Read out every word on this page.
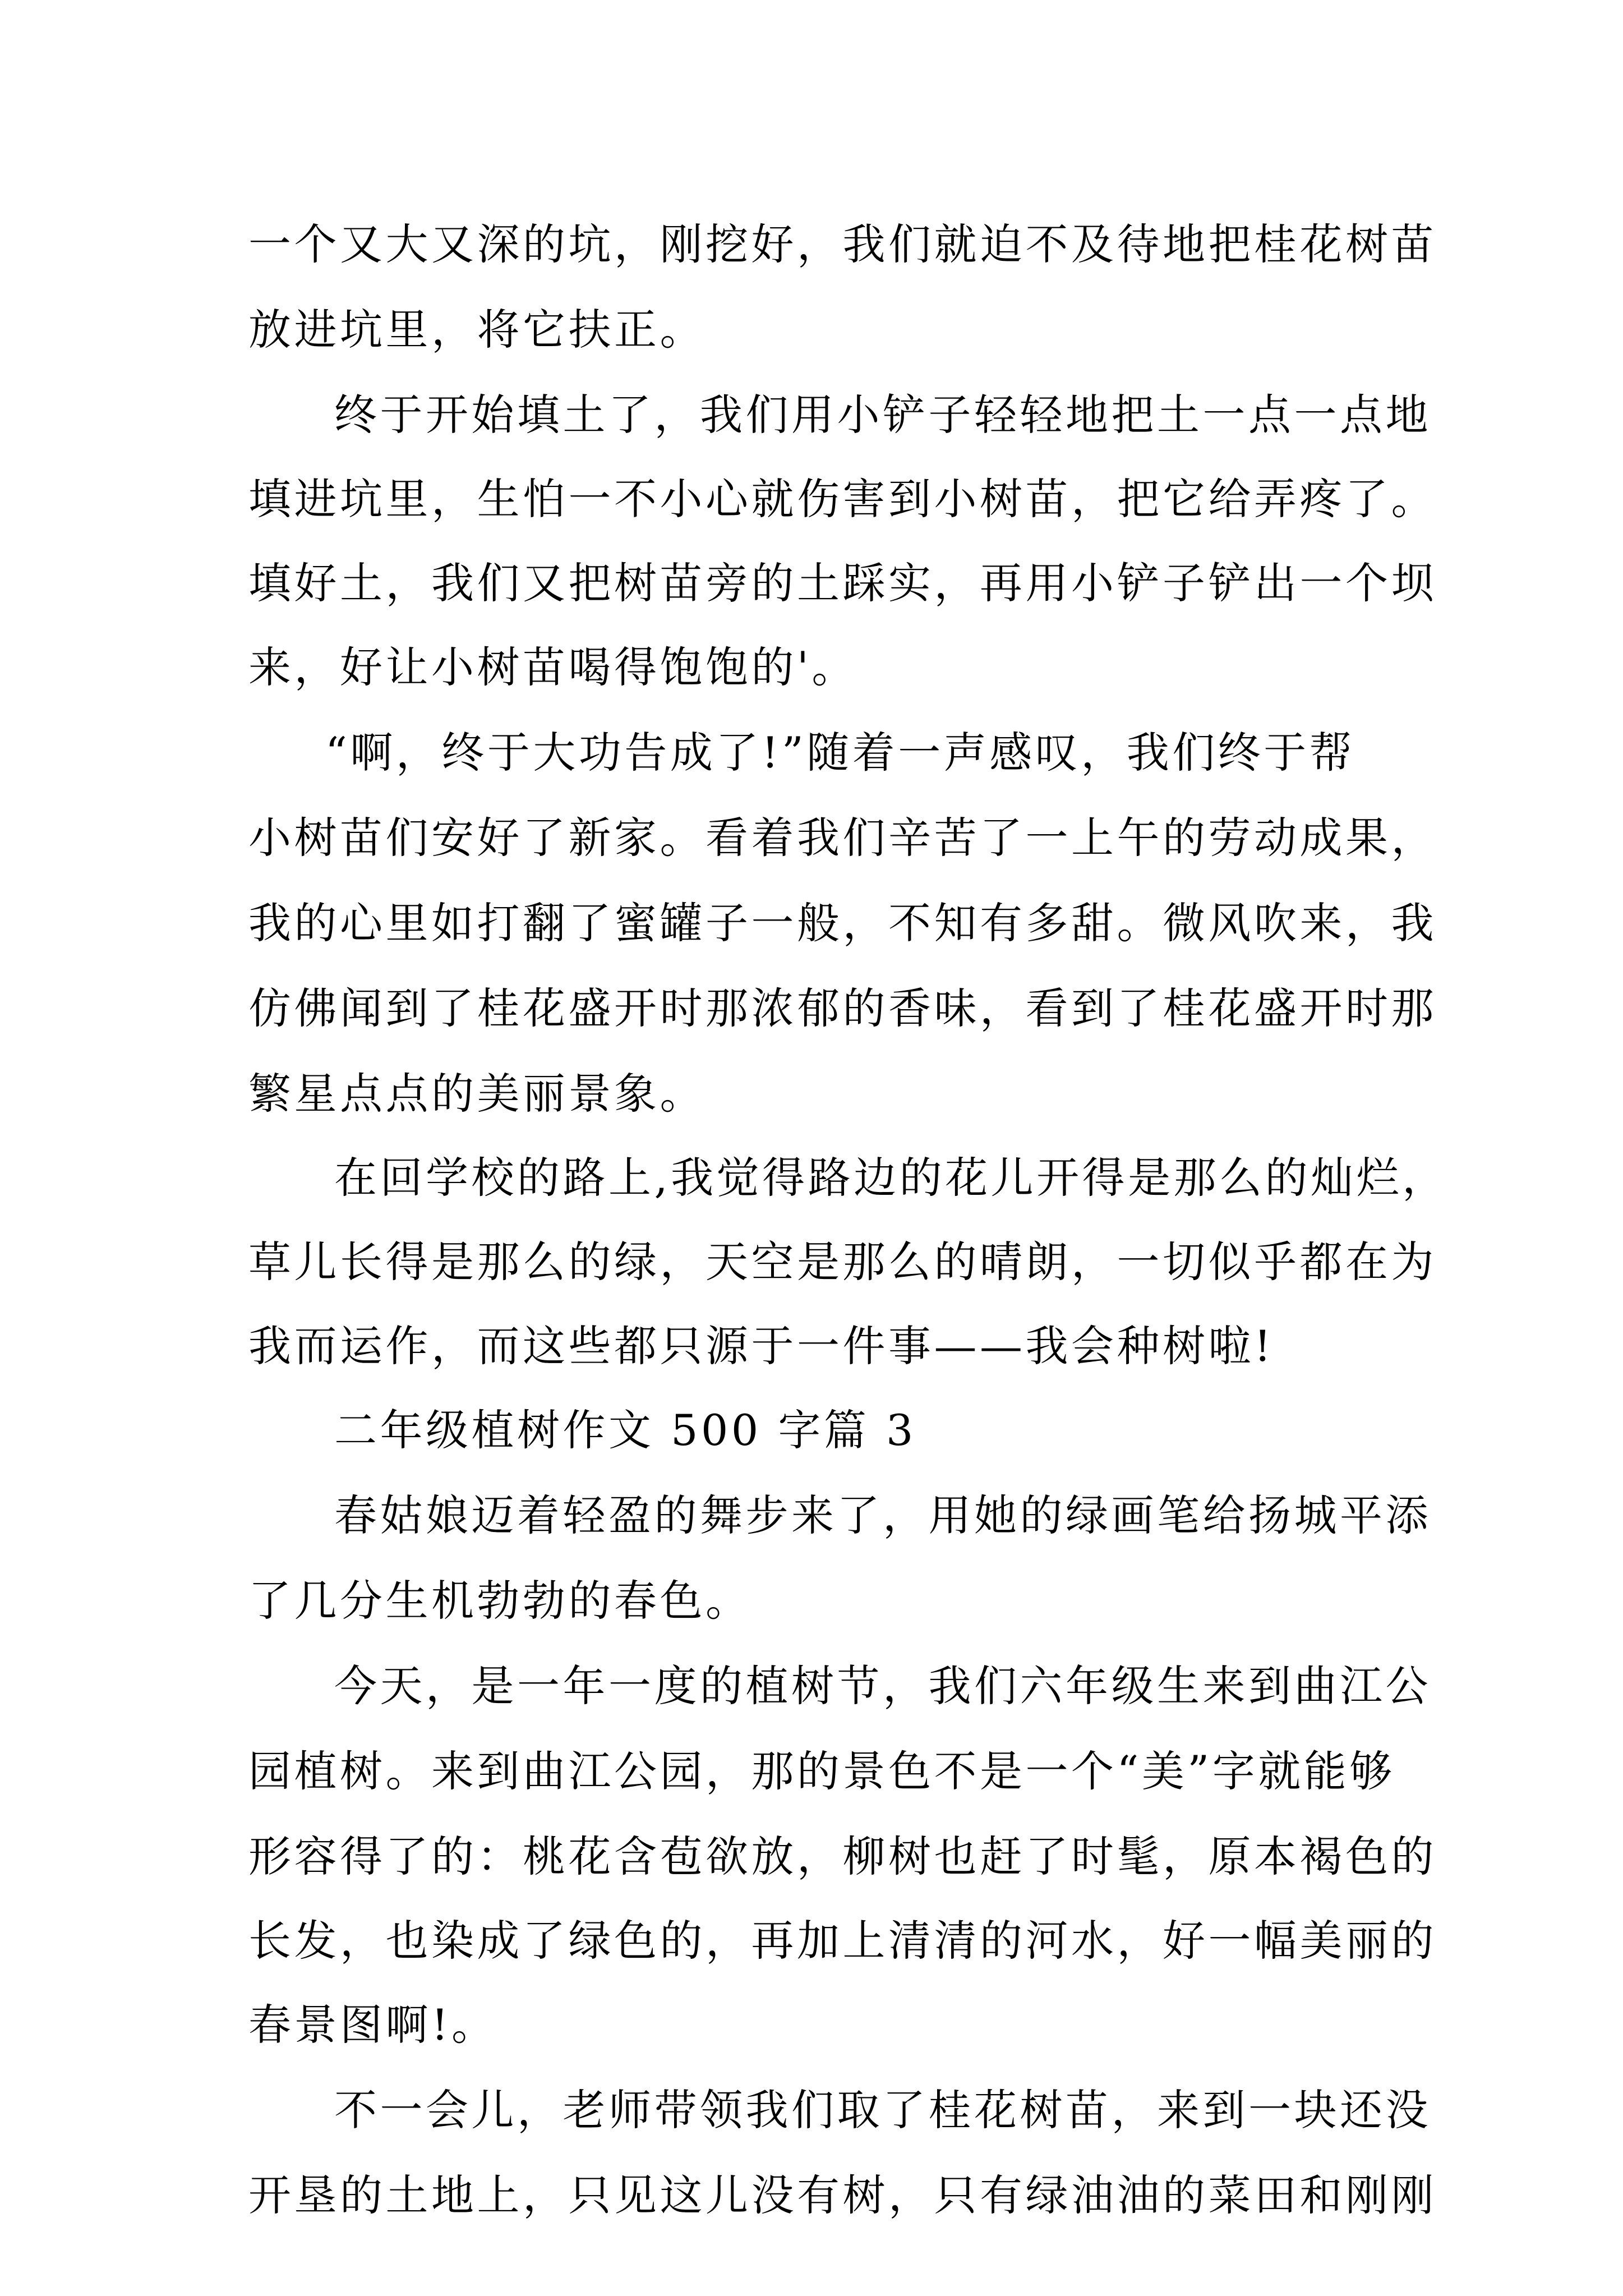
一个又大又深的坑，刚挖好，我们就迫不及待地把桂花树苗
放进坑里，将它扶正。
终于开始填土了，我们用小铲子轻轻地把土一点一点地
填进坑里，生怕一不小心就伤害到小树苗，把它给弄疼了。
填好土，我们又把树苗旁的土踩实，再用小铲子铲出一个坝
来，好让小树苗喝得饱饱的'。
“啊，终于大功告成了!”随着一声感叹，我们终于帮
小树苗们安好了新家。看着我们辛苦了一上午的劳动成果，
我的心里如打翻了蜜罐子一般，不知有多甜。微风吹来，我
仿佛闻到了桂花盛开时那浓郁的香味，看到了桂花盛开时那
繁星点点的美丽景象。
在回学校的路上,我觉得路边的花儿开得是那么的灿烂，
草儿长得是那么的绿，天空是那么的晴朗，一切似乎都在为
我而运作，而这些都只源于一件事——我会种树啦!
二年级植树作文 500 字篇 3
春姑娘迈着轻盈的舞步来了，用她的绿画笔给扬城平添
了几分生机勃勃的春色。
今天，是一年一度的植树节，我们六年级生来到曲江公
园植树。来到曲江公园，那的景色不是一个“美”字就能够
形容得了的：桃花含苞欲放，柳树也赶了时髦，原本褐色的
长发，也染成了绿色的，再加上清清的河水，好一幅美丽的
春景图啊!。
不一会儿，老师带领我们取了桂花树苗，来到一块还没
开垦的土地上，只见这儿没有树，只有绿油油的菜田和刚刚
